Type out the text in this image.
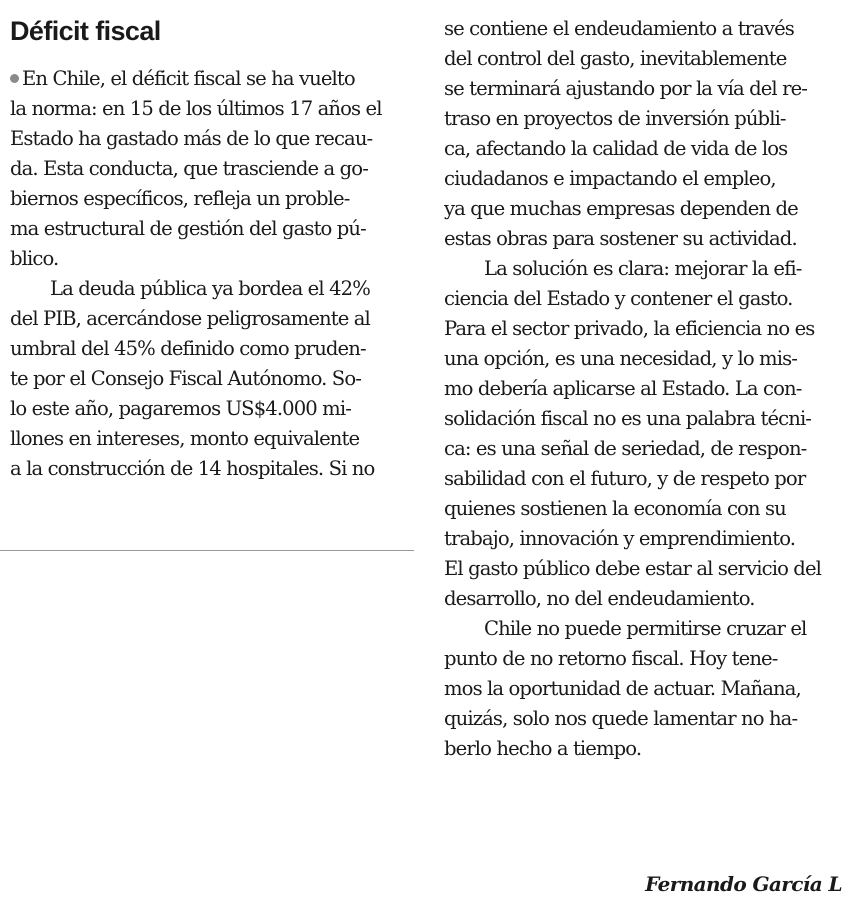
Déficit fiscal
En Chile, el déficit fiscal se ha vuelto
la norma: en 15 de los últimos 17 años el
Estado ha gastado más de lo que recau-
da. Esta conducta, que trasciende a go-
biernos específicos, refleja un proble-
ma estructural de gestión del gasto pú-
blico.
La deuda pública ya bordea el 42%
del PIB, acercándose peligrosamente al
umbral del 45% definido como pruden-
te por el Consejo Fiscal Autónomo. So-
lo este año, pagaremos US$4.000 mi-
llones en intereses, monto equivalente
a la construcción de 14 hospitales. Si no
se contiene el endeudamiento a través
del control del gasto, inevitablemente
se terminará ajustando por la vía del re-
traso en proyectos de inversión públi-
ca, afectando la calidad de vida de los
ciudadanos e impactando el empleo,
ya que muchas empresas dependen de
estas obras para sostener su actividad.
La solución es clara: mejorar la efi-
ciencia del Estado y contener el gasto.
Para el sector privado, la eficiencia no es
una opción, es una necesidad, y lo mis-
mo debería aplicarse al Estado. La con-
solidación fiscal no es una palabra técni-
ca: es una señal de seriedad, de respon-
sabilidad con el futuro, y de respeto por
quienes sostienen la economía con su
trabajo, innovación y emprendimiento.
El gasto público debe estar al servicio del
desarrollo, no del endeudamiento.
Chile no puede permitirse cruzar el
punto de no retorno fiscal. Hoy tene-
mos la oportunidad de actuar. Mañana,
quizás, solo nos quede lamentar no ha-
berlo hecho a tiempo.
Fernando García L
